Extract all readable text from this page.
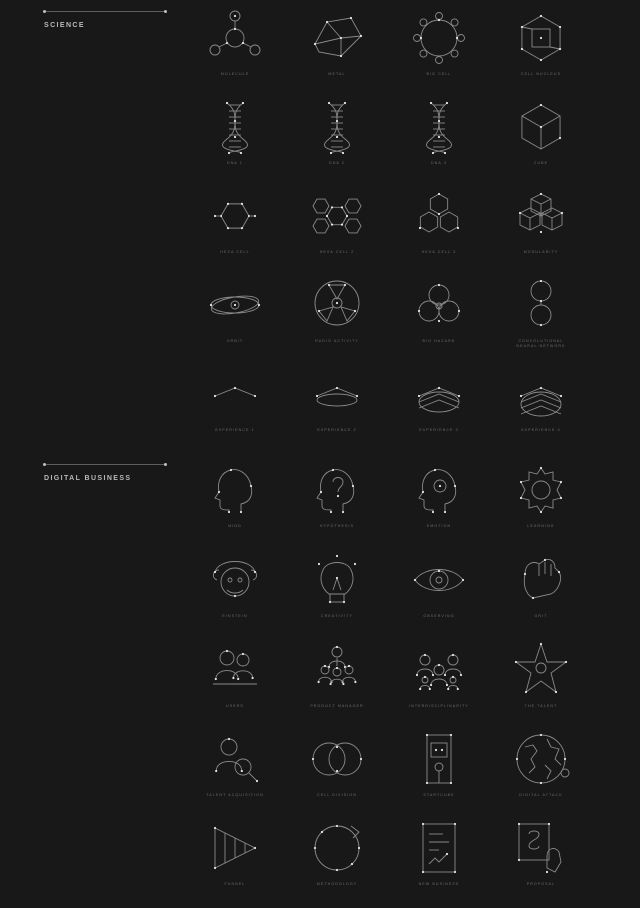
SCIENCE
DIGITAL BUSINESS
MOLECULE	METAL	BIG CELL	CELL NUCLEUS
DNA 1	DNA 2	DNA 3	CUBE
HEXA CELL	HEXA CELL 2	HEXA CELL 3	MODULARITY
ORBIT	RADIO ACTIVITY	BIO HAZARD	CONVOLUTIONAL
NEURAL NETWORK
EXPERIENCE 1	EXPERIENCE 2	EXPERIENCE 3	EXPERIENCE 4
MIND	HYPOTHESIS	EMOTION	LEARNING
EINSTEIN	CREATIVITY	OBSERVING	GRIT
USERS	PRODUCT MANAGER	INTERDISCIPLINARITY	THE TALENT
TALENT ACQUISITION	CELL DIVISION	STARTCUBE	DIGITAL ATTACK
FUNNEL	METHODOLOGY	NEW BUSINESS	PROPOSAL
